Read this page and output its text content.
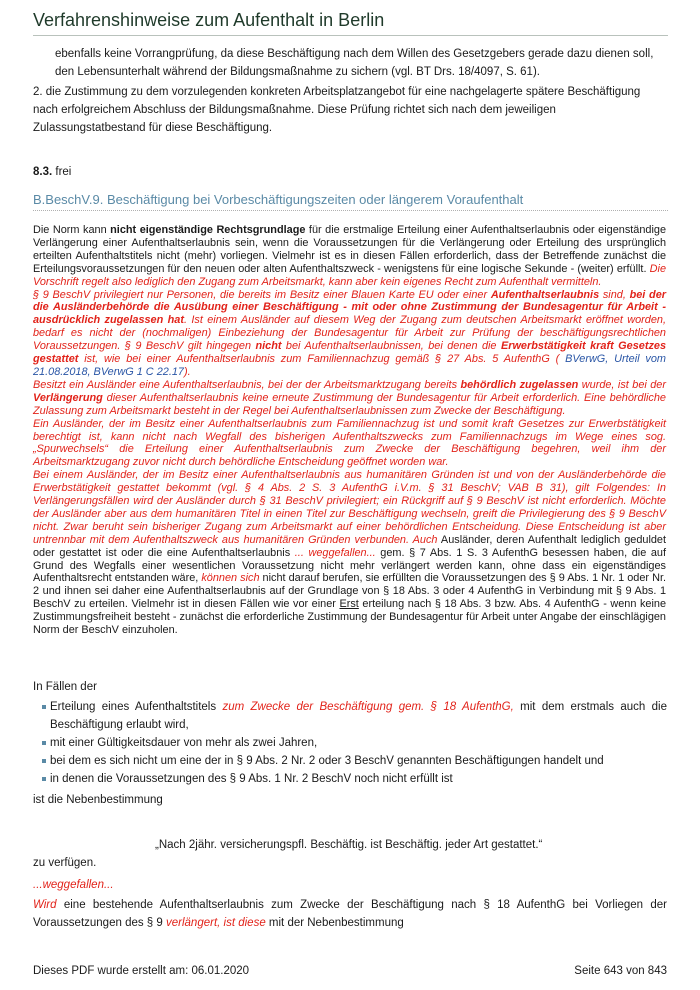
Verfahrenshinweise zum Aufenthalt in Berlin
ebenfalls keine Vorrangprüfung, da diese Beschäftigung nach dem Willen des Gesetzgebers gerade dazu dienen soll, den Lebensunterhalt während der Bildungsmaßnahme zu sichern (vgl. BT Drs. 18/4097, S. 61).
2. die Zustimmung zu dem vorzulegenden konkreten Arbeitsplatzangebot für eine nachgelagerte spätere Beschäftigung nach erfolgreichem Abschluss der Bildungsmaßnahme. Diese Prüfung richtet sich nach dem jeweiligen Zulassungstatbestand für diese Beschäftigung.
8.3. frei
B.BeschV.9. Beschäftigung bei Vorbeschäftigungszeiten oder längerem Voraufenthalt
Die Norm kann nicht eigenständige Rechtsgrundlage für die erstmalige Erteilung einer Aufenthaltserlaubnis oder eigenständige Verlängerung einer Aufenthaltserlaubnis sein, wenn die Voraussetzungen für die Verlängerung oder Erteilung des ursprünglich erteilten Aufenthaltstitels nicht (mehr) vorliegen. Vielmehr ist es in diesen Fällen erforderlich, dass der Betreffende zunächst die Erteilungsvoraussetzungen für den neuen oder alten Aufenthaltszweck - wenigstens für eine logische Sekunde - (weiter) erfüllt. Die Vorschrift regelt also lediglich den Zugang zum Arbeitsmarkt, kann aber kein eigenes Recht zum Aufenthalt vermitteln.
§ 9 BeschV privilegiert nur Personen, die bereits im Besitz einer Blauen Karte EU oder einer Aufenthaltserlaubnis sind, bei der die Ausländerbehörde die Ausübung einer Beschäftigung - mit oder ohne Zustimmung der Bundesagentur für Arbeit - ausdrücklich zugelassen hat. Ist einem Ausländer auf diesem Weg der Zugang zum deutschen Arbeitsmarkt eröffnet worden, bedarf es nicht der (nochmaligen) Einbeziehung der Bundesagentur für Arbeit zur Prüfung der beschäftigungsrechtlichen Voraussetzungen. § 9 BeschV gilt hingegen nicht bei Aufenthaltserlaubnissen, bei denen die Erwerbstätigkeit kraft Gesetzes gestattet ist, wie bei einer Aufenthaltserlaubnis zum Familiennachzug gemäß § 27 Abs. 5 AufenthG ( BVerwG, Urteil vom 21.08.2018, BVerwG 1 C 22.17).
Besitzt ein Ausländer eine Aufenthaltserlaubnis, bei der der Arbeitsmarktzugang bereits behördlich zugelassen wurde, ist bei der Verlängerung dieser Aufenthaltserlaubnis keine erneute Zustimmung der Bundesagentur für Arbeit erforderlich. Eine behördliche Zulassung zum Arbeitsmarkt besteht in der Regel bei Aufenthaltserlaubnissen zum Zwecke der Beschäftigung.
Ein Ausländer, der im Besitz einer Aufenthaltserlaubnis zum Familiennachzug ist und somit kraft Gesetzes zur Erwerbstätigkeit berechtigt ist, kann nicht nach Wegfall des bisherigen Aufenthaltszwecks zum Familiennachzugs im Wege eines sog. „Spurwechsels“ die Erteilung einer Aufenthaltserlaubnis zum Zwecke der Beschäftigung begehren, weil ihm der Arbeitsmarktzugang zuvor nicht durch behördliche Entscheidung geöffnet worden war.
Bei einem Ausländer, der im Besitz einer Aufenthaltserlaubnis aus humanitären Gründen ist und von der Ausländerbehörde die Erwerbstätigkeit gestattet bekommt (vgl. § 4 Abs. 2 S. 3 AufenthG i.V.m. § 31 BeschV; VAB B 31), gilt Folgendes: In Verlängerungsfällen wird der Ausländer durch § 31 BeschV privilegiert; ein Rückgriff auf § 9 BeschV ist nicht erforderlich. Möchte der Ausländer aber aus dem humanitären Titel in einen Titel zur Beschäftigung wechseln, greift die Privilegierung des § 9 BeschV nicht. Zwar beruht sein bisheriger Zugang zum Arbeitsmarkt auf einer behördlichen Entscheidung. Diese Entscheidung ist aber untrennbar mit dem Aufenthaltszweck aus humanitären Gründen verbunden. Auch Ausländer, deren Aufenthalt lediglich geduldet oder gestattet ist oder die eine Aufenthaltserlaubnis ... weggefallen... gem. § 7 Abs. 1 S. 3 AufenthG besessen haben, die auf Grund des Wegfalls einer wesentlichen Voraussetzung nicht mehr verlängert werden kann, ohne dass ein eigenständiges Aufenthaltsrecht entstanden wäre, können sich nicht darauf berufen, sie erfüllten die Voraussetzungen des § 9 Abs. 1 Nr. 1 oder Nr. 2 und ihnen sei daher eine Aufenthaltserlaubnis auf der Grundlage von § 18 Abs. 3 oder 4 AufenthG in Verbindung mit § 9 Abs. 1 BeschV zu erteilen. Vielmehr ist in diesen Fällen wie vor einer Erst erteilung nach § 18 Abs. 3 bzw. Abs. 4 AufenthG - wenn keine Zustimmungsfreiheit besteht - zunächst die erforderliche Zustimmung der Bundesagentur für Arbeit unter Angabe der einschlägigen Norm der BeschV einzuholen.
In Fällen der
Erteilung eines Aufenthaltstitels zum Zwecke der Beschäftigung gem. § 18 AufenthG, mit dem erstmals auch die Beschäftigung erlaubt wird,
mit einer Gültigkeitsdauer von mehr als zwei Jahren,
bei dem es sich nicht um eine der in § 9 Abs. 2 Nr. 2 oder 3 BeschV genannten Beschäftigungen handelt und
in denen die Voraussetzungen des § 9 Abs. 1 Nr. 2 BeschV noch nicht erfüllt ist
ist die Nebenbestimmung
„Nach 2jähr. versicherungspfl. Beschäftig. ist Beschäftig. jeder Art gestattet.“
zu verfügen.
...weggefallen...
Wird eine bestehende Aufenthaltserlaubnis zum Zwecke der Beschäftigung nach § 18 AufenthG bei Vorliegen der Voraussetzungen des § 9 verlängert, ist diese mit der Nebenbestimmung
Dieses PDF wurde erstellt am: 06.01.2020	Seite 643 von 843
